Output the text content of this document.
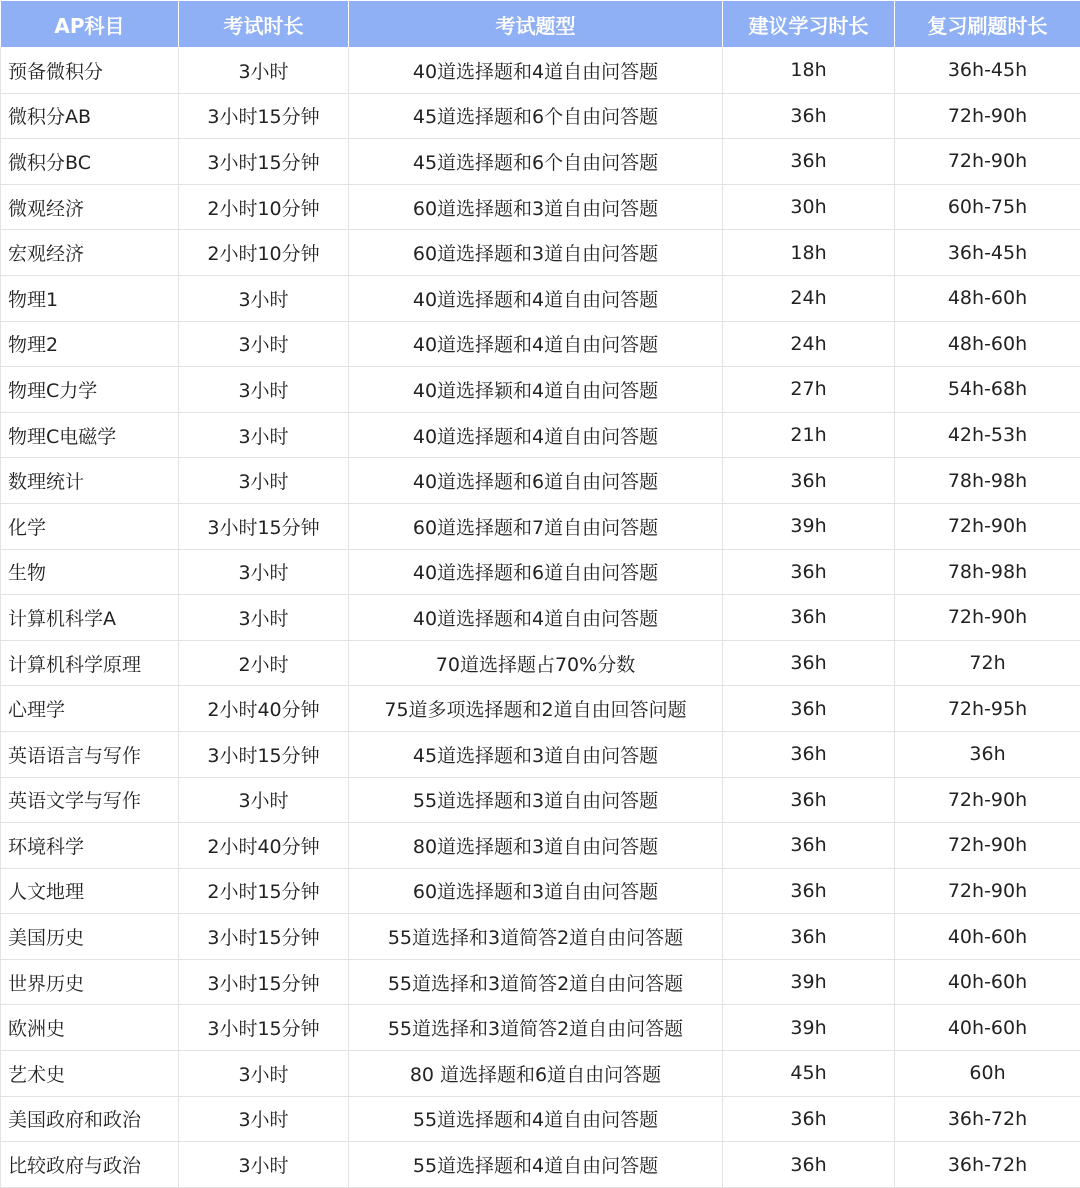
AP科目	考试时长	考试题型	建议学习时长	复习刷题时长
预备微积分	3小时	40道选择题和4道自由问答题	18h	36h-45h
微积分AB	3小时15分钟	45道选择题和6个自由问答题	36h	72h-90h
微积分BC	3小时15分钟	45道选择题和6个自由问答题	36h	72h-90h
微观经济	2小时10分钟	60道选择题和3道自由问答题	30h	60h-75h
宏观经济	2小时10分钟	60道选择题和3道自由问答题	18h	36h-45h
物理1	3小时	40道选择题和4道自由问答题	24h	48h-60h
物理2	3小时	40道选择题和4道自由问答题	24h	48h-60h
物理C力学	3小时	40道选择颖和4道自由问答题	27h	54h-68h
物理C电磁学	3小时	40道选择题和4道自由问答题	21h	42h-53h
数理统计	3小时	40道选择题和6道自由问答题	36h	78h-98h
化学	3小时15分钟	60道选择题和7道自由问答题	39h	72h-90h
生物	3小时	40道选择题和6道自由问答题	36h	78h-98h
计算机科学A	3小时	40道选择题和4道自由问答题	36h	72h-90h
计算机科学原理	2小时	70道选择题占70%分数	36h	72h
心理学	2小时40分钟	75道多项选择题和2道自由回答问题	36h	72h-95h
英语语言与写作	3小时15分钟	45道选择题和3道自由问答题	36h	36h
英语文学与写作	3小时	55道选择题和3道自由问答题	36h	72h-90h
环境科学	2小时40分钟	80道选择题和3道自由问答题	36h	72h-90h
人文地理	2小时15分钟	60道选择题和3道自由问答题	36h	72h-90h
美国历史	3小时15分钟	55道选择和3道简答2道自由问答题	36h	40h-60h
世界历史	3小时15分钟	55道选择和3道简答2道自由问答题	39h	40h-60h
欧洲史	3小时15分钟	55道选择和3道简答2道自由问答题	39h	40h-60h
艺术史	3小时	80 道选择题和6道自由问答题	45h	60h
美国政府和政治	3小时	55道选择题和4道自由问答题	36h	36h-72h
比较政府与政治	3小时	55道选择题和4道自由问答题	36h	36h-72h
